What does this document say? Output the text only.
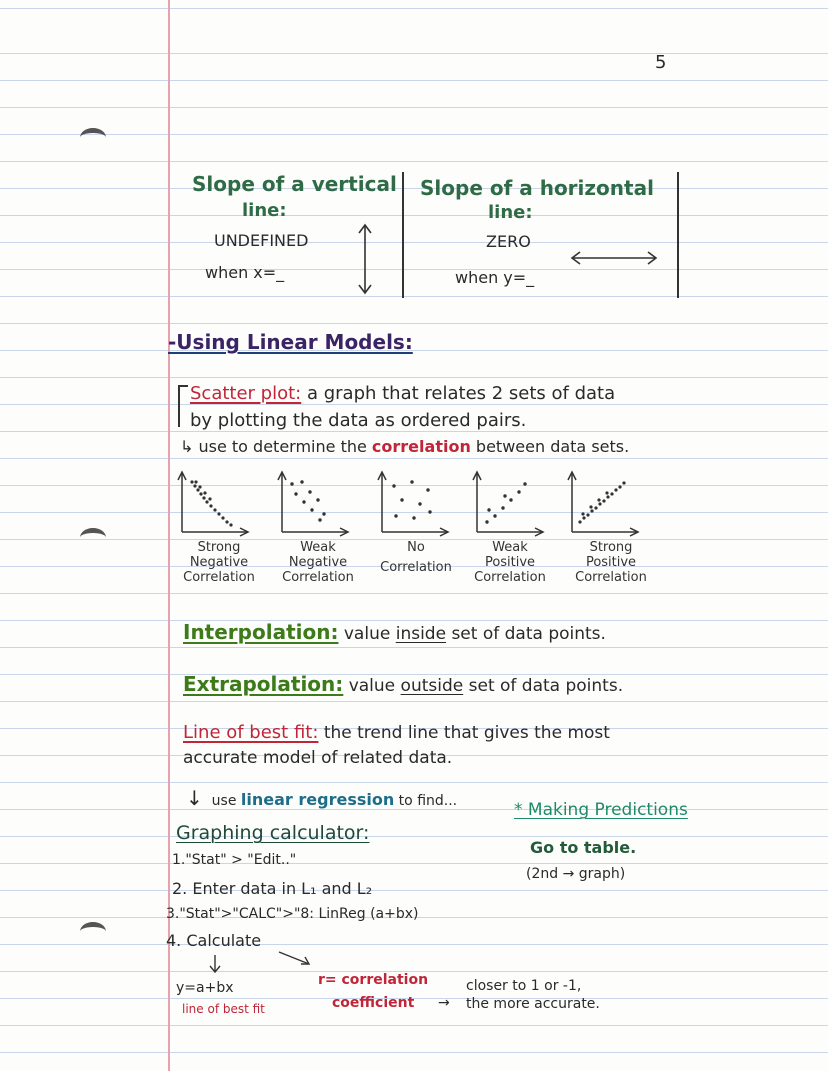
5
Slope of a vertical
line:
UNDEFINED
when x=_
Slope of a horizontal
line:
ZERO
when y=_
-Using Linear Models:
Scatter plot: a graph that relates 2 sets of data
by plotting the data as ordered pairs.
↳ use to determine the correlation between data sets.
Strong
Negative
Correlation
Weak
Negative
Correlation
No
Correlation
Weak
Positive
Correlation
Strong
Positive
Correlation
Interpolation: value inside set of data points.
Extrapolation: value outside set of data points.
Line of best fit: the trend line that gives the most
accurate model of related data.
↓ use linear regression to find...	* Making Predictions
Go to table.
(2nd → graph)
Graphing calculator:
1."Stat" > "Edit.."
2. Enter data in L₁ and L₂
3."Stat">"CALC">"8: LinReg (a+bx)
4. Calculate
y=a+bx
line of best fit
r= correlation
coefficient →
closer to 1 or -1,
the more accurate.
